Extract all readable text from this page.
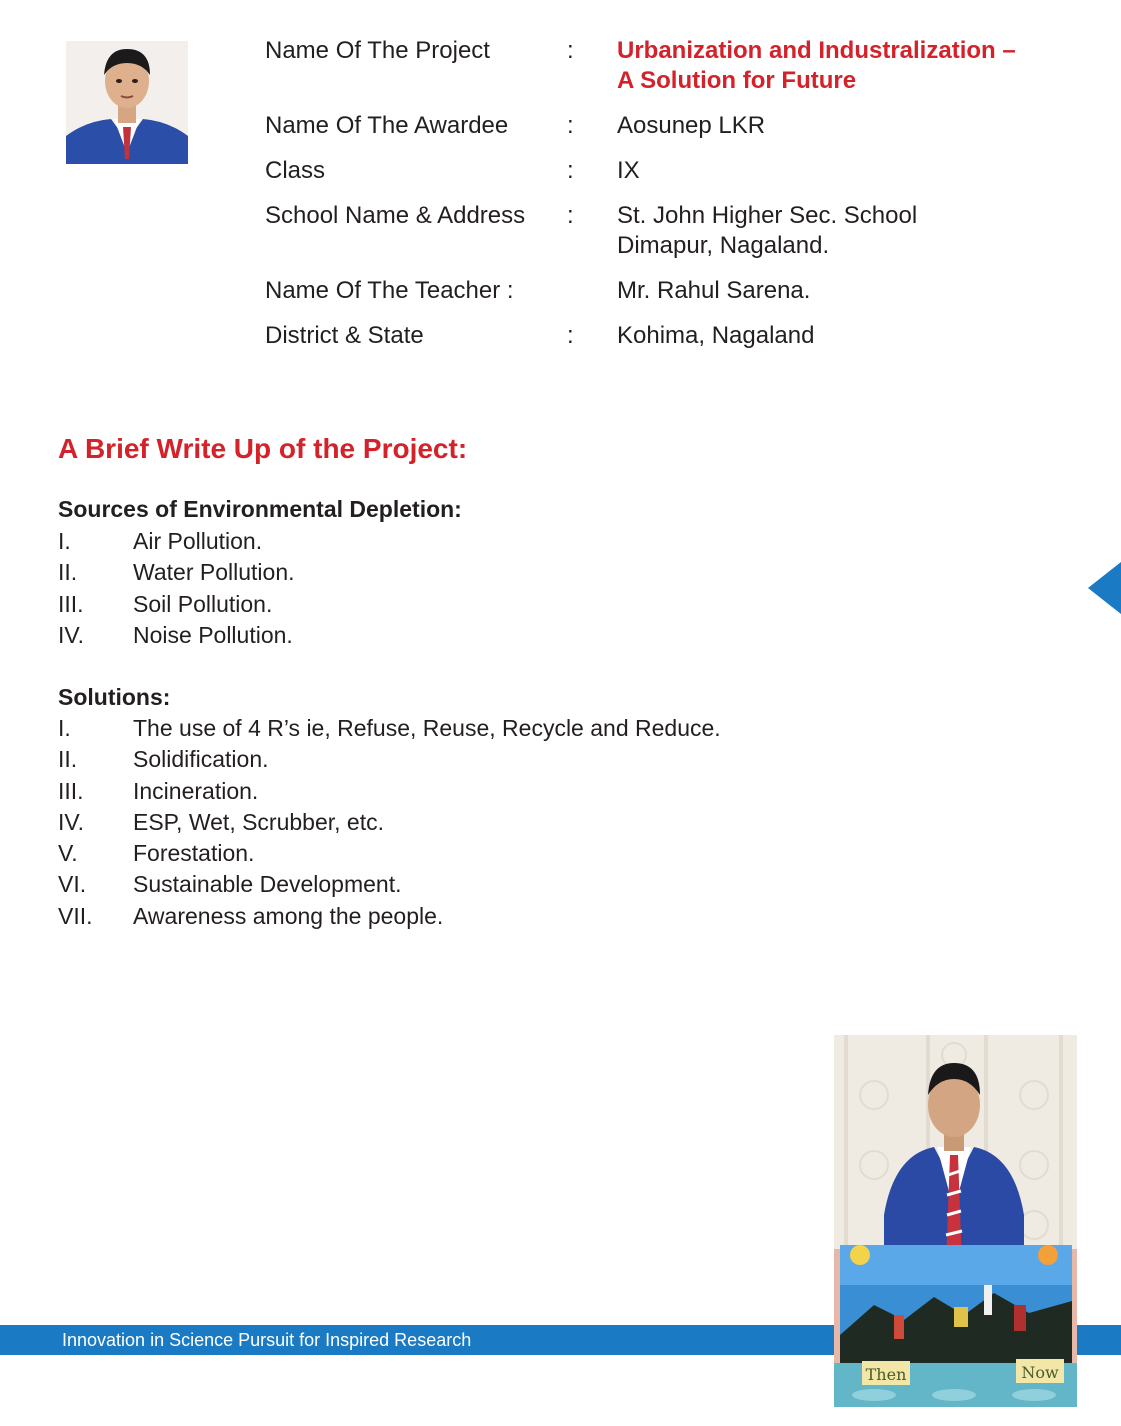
Name Of The Project	: Urbanization and Industralization –
A Solution for Future
Name Of The Awardee : Aosunep LKR
Class	: IX
School Name & Address : St. John Higher Sec. School
Dimapur, Nagaland.
Name Of The Teacher :	Mr. Rahul Sarena.
District & State	: Kohima, Nagaland
A Brief Write Up of the Project:
Sources of Environmental Depletion:
I.	Air Pollution.
II. Water Pollution.
III. Soil Pollution.
IV. Noise Pollution.
Solutions:
I.	The use of 4 R’s ie, Refuse, Reuse, Recycle and Reduce.
II. Solidification.
III. Incineration.
IV. ESP, Wet, Scrubber, etc.
V. Forestation.
VI. Sustainable Development.
VII. Awareness among the people.
Innovation in Science Pursuit for Inspired Research
Then	Now
